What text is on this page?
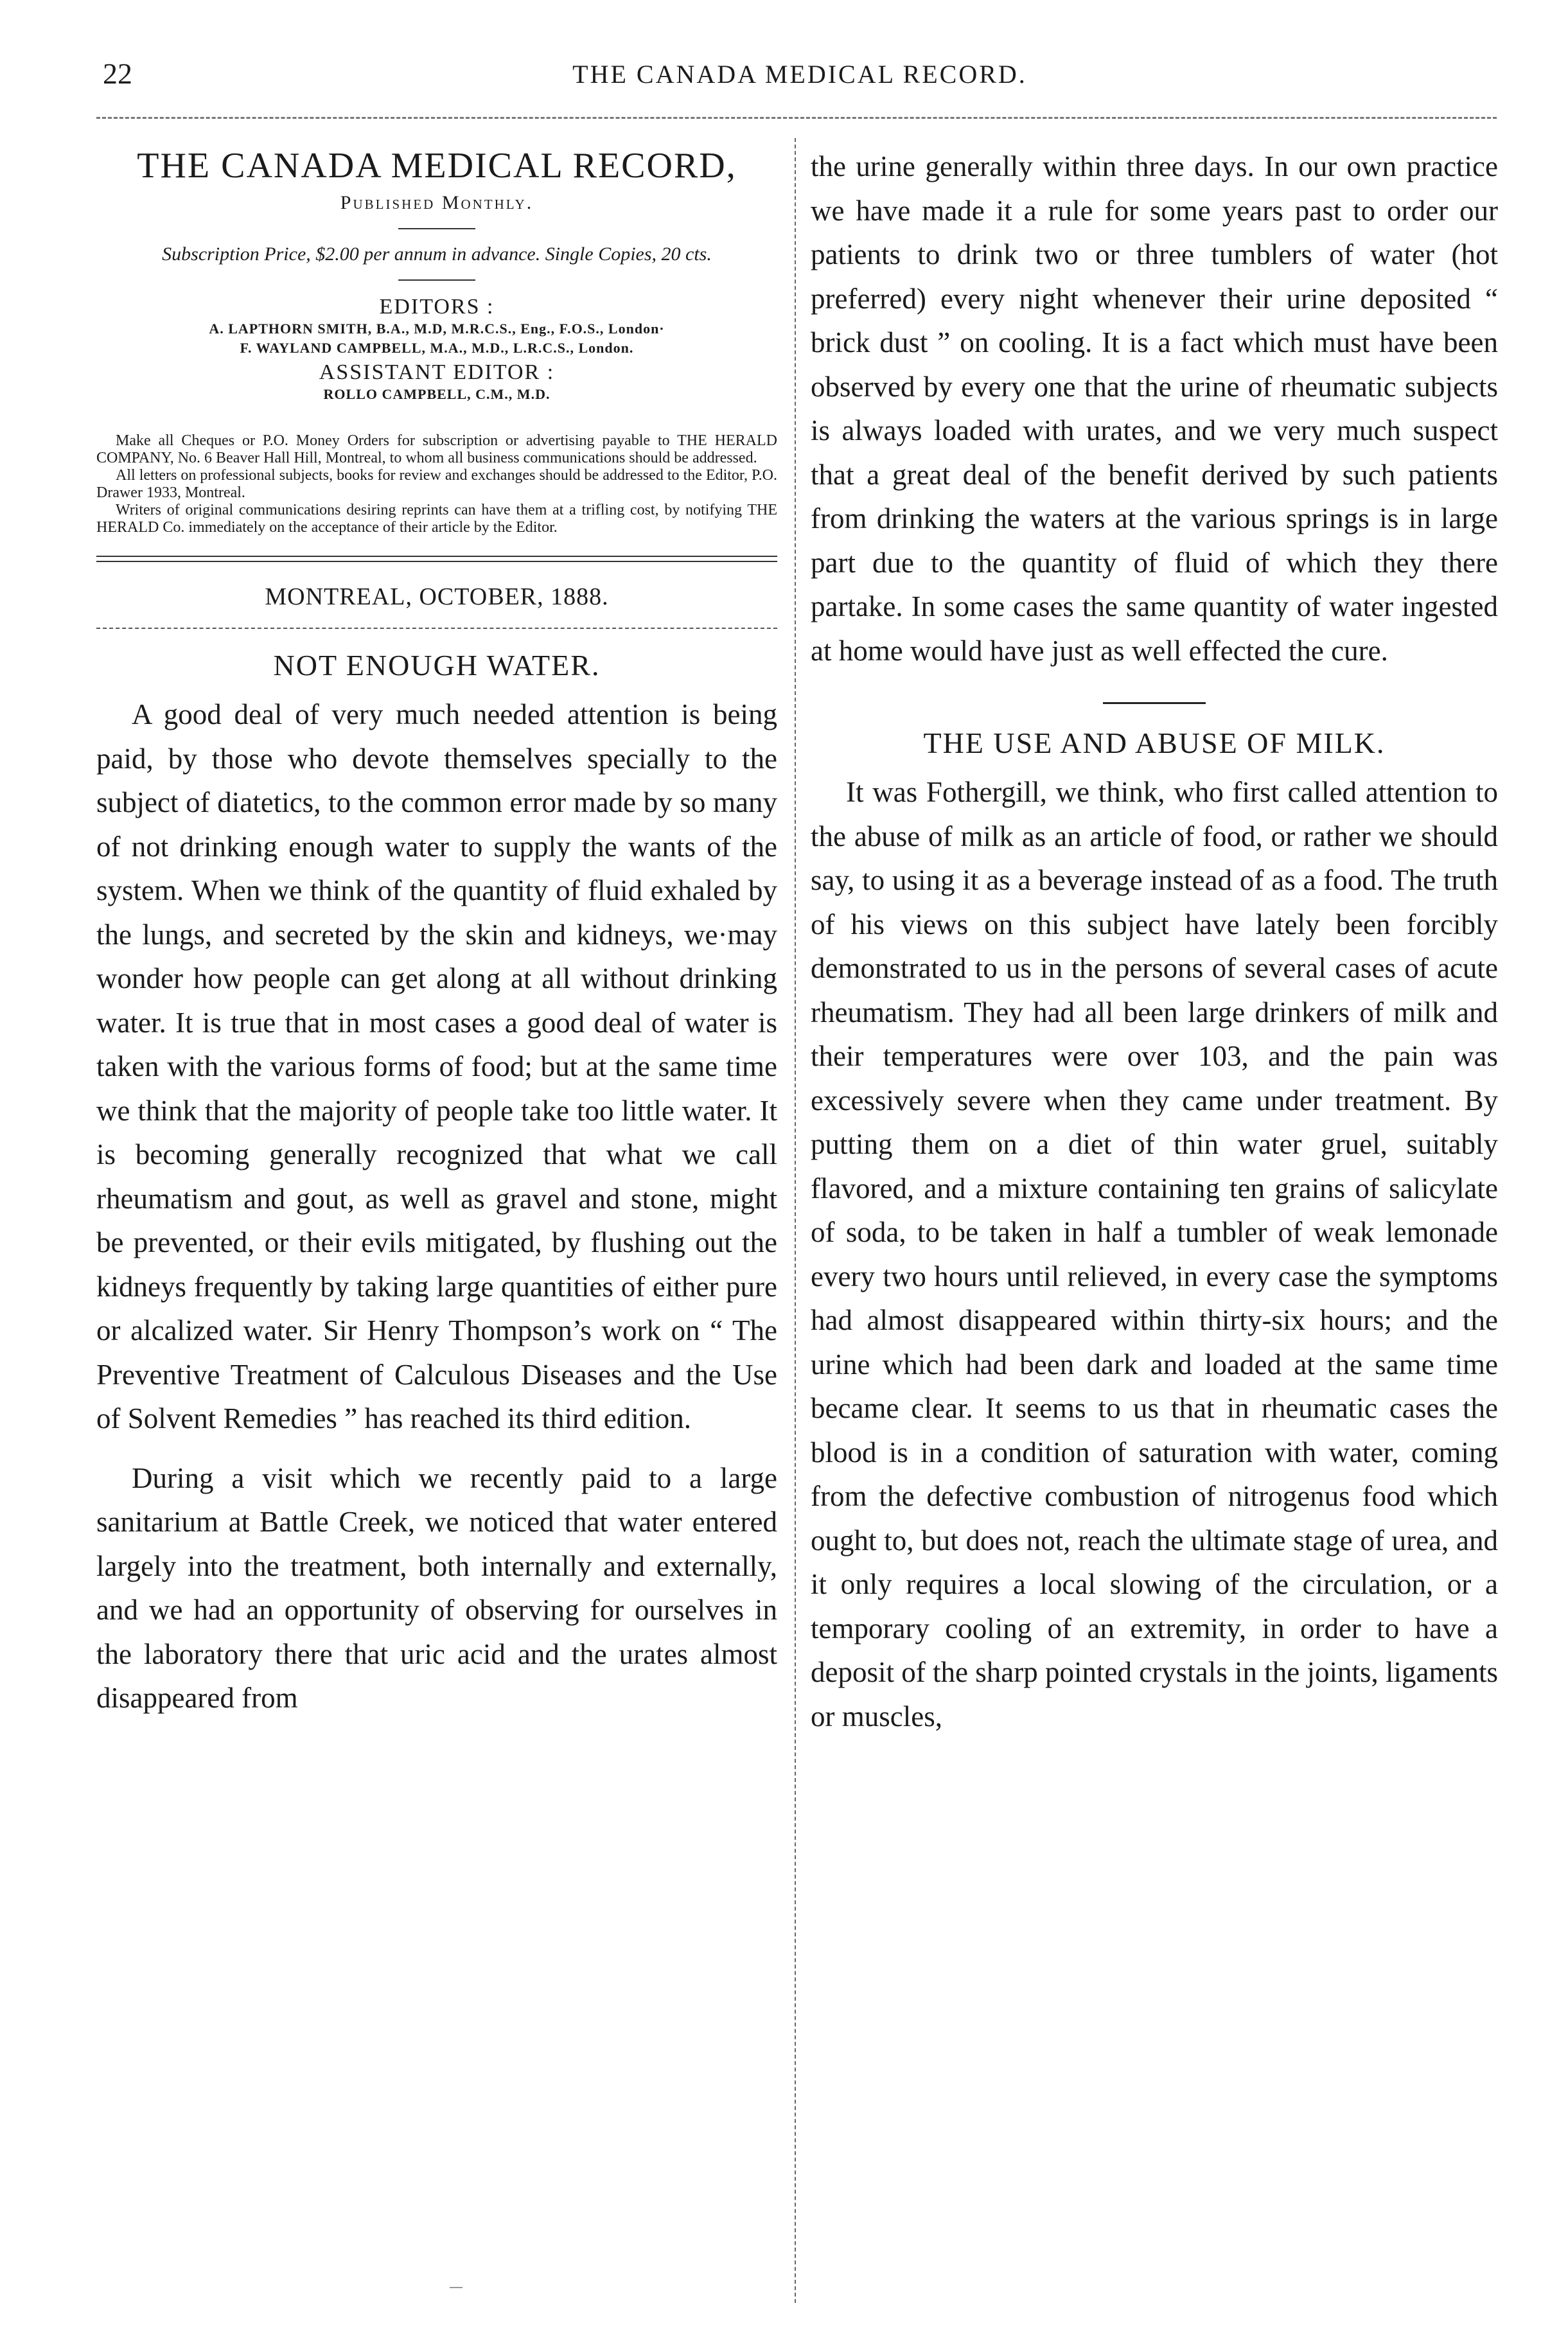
22	THE CANADA MEDICAL RECORD.
THE CANADA MEDICAL RECORD,
Published Monthly.
Subscription Price, $2.00 per annum in advance. Single Copies, 20 cts.
EDITORS :
A. LAPTHORN SMITH, B.A., M.D, M.R.C.S., Eng., F.O.S., London·
F. WAYLAND CAMPBELL, M.A., M.D., L.R.C.S., London.
ASSISTANT EDITOR :
ROLLO CAMPBELL, C.M., M.D.

Make all Cheques or P.O. Money Orders for subscription or advertising payable to THE HERALD COMPANY, No. 6 Beaver Hall Hill, Montreal, to whom all business communications should be addressed.

All letters on professional subjects, books for review and exchanges should be addressed to the Editor, P.O. Drawer 1933, Montreal.

Writers of original communications desiring reprints can have them at a trifling cost, by notifying THE HERALD Co. immediately on the acceptance of their article by the Editor.

MONTREAL, OCTOBER, 1888.
NOT ENOUGH WATER.

A good deal of very much needed attention is being paid, by those who devote themselves specially to the subject of diatetics, to the common error made by so many of not drinking enough water to supply the wants of the system. When we think of the quantity of fluid exhaled by the lungs, and secreted by the skin and kidneys, we·may wonder how people can get along at all without drinking water. It is true that in most cases a good deal of water is taken with the various forms of food; but at the same time we think that the majority of people take too little water. It is becoming generally recognized that what we call rheumatism and gout, as well as gravel and stone, might be prevented, or their evils mitigated, by flushing out the kidneys frequently by taking large quantities of either pure or alcalized water. Sir Henry Thompson’s work on “ The Preventive Treatment of Calculous Diseases and the Use of Solvent Remedies ” has reached its third edition.

During a visit which we recently paid to a large sanitarium at Battle Creek, we noticed that water entered largely into the treatment, both internally and externally, and we had an opportunity of observing for ourselves in the laboratory there that uric acid and the urates almost disappeared from

the urine generally within three days. In our own practice we have made it a rule for some years past to order our patients to drink two or three tumblers of water (hot preferred) every night whenever their urine deposited “ brick dust ” on cooling. It is a fact which must have been observed by every one that the urine of rheumatic subjects is always loaded with urates, and we very much suspect that a great deal of the benefit derived by such patients from drinking the waters at the various springs is in large part due to the quantity of fluid of which they there partake. In some cases the same quantity of water ingested at home would have just as well effected the cure.

THE USE AND ABUSE OF MILK.

It was Fothergill, we think, who first called attention to the abuse of milk as an article of food, or rather we should say, to using it as a beverage instead of as a food. The truth of his views on this subject have lately been forcibly demonstrated to us in the persons of several cases of acute rheumatism. They had all been large drinkers of milk and their temperatures were over 103, and the pain was excessively severe when they came under treatment. By putting them on a diet of thin water gruel, suitably flavored, and a mixture containing ten grains of salicylate of soda, to be taken in half a tumbler of weak lemonade every two hours until relieved, in every case the symptoms had almost disappeared within thirty-six hours; and the urine which had been dark and loaded at the same time became clear. It seems to us that in rheumatic cases the blood is in a condition of saturation with water, coming from the defective combustion of nitrogenus food which ought to, but does not, reach the ultimate stage of urea, and it only requires a local slowing of the circulation, or a temporary cooling of an extremity, in order to have a deposit of the sharp pointed crystals in the joints, ligaments or muscles,
